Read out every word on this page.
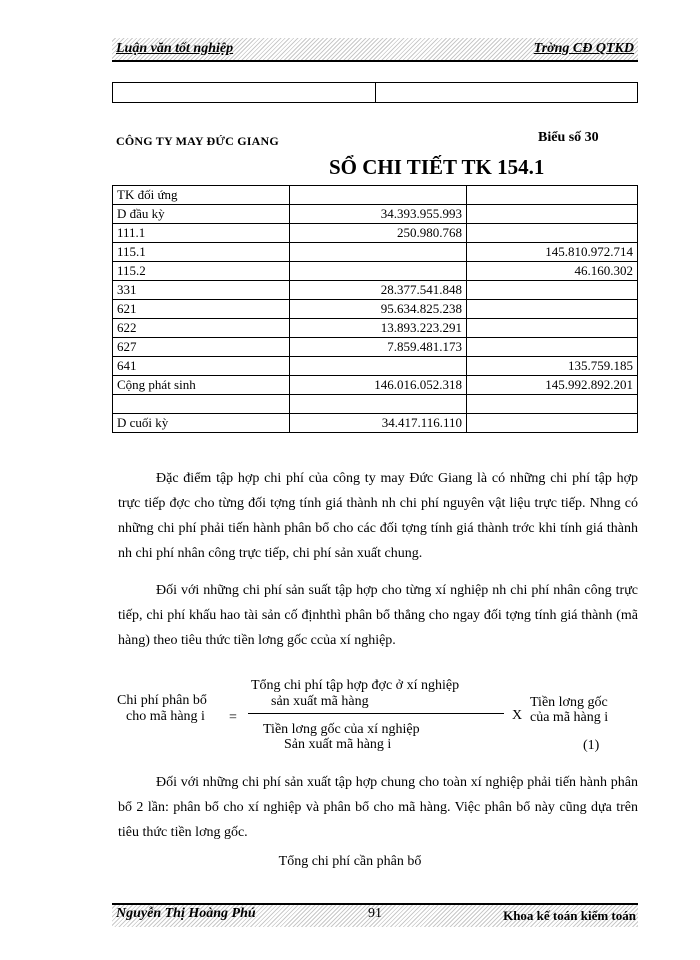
Luận văn tốt nghiệp	Trờng CĐ QTKD
CÔNG TY MAY ĐỨC GIANG	Biểu số 30
SỔ CHI TIẾT TK 154.1
TK đối ứng		
D đầu kỳ	34.393.955.993	
111.1	250.980.768	
115.1		145.810.972.714
115.2		46.160.302
331	28.377.541.848	
621	95.634.825.238	
622	13.893.223.291	
627	7.859.481.173	
641		135.759.185
Cộng phát sinh	146.016.052.318	145.992.892.201

D cuối kỳ	34.417.116.110	
Đặc điểm tập hợp chi phí của công ty may Đức Giang là có những chi phí tập hợp trực tiếp đợc cho từng đối tợng tính giá thành nh chi phí nguyên vật liệu trực tiếp. Nhng có những chi phí phải tiến hành phân bổ cho các đối tợng tính giá thành trớc khi tính giá thành nh chi phí nhân công trực tiếp, chi phí sản xuất chung.
Đối với những chi phí sản suất tập hợp cho từng xí nghiệp nh chi phí nhân công trực tiếp, chi phí khấu hao tài sản cố địnhthì phân bổ thẳng cho ngay đối tợng tính giá thành (mã hàng) theo tiêu thức tiền lơng gốc ccủa xí nghiệp.
Chi phí phân bổ
cho mã hàng i =
Tổng chi phí tập hợp đợc ở xí nghiệp
sản xuất mã hàng
Tiền lơng gốc của xí nghiệp
Sản xuất mã hàng i
X
Tiền lơng gốc
của mã hàng i
(1)
Đối với những chi phí sản xuất tập hợp chung cho toàn xí nghiệp phải tiến hành phân bổ 2 lần: phân bổ cho xí nghiệp và phân bổ cho mã hàng. Việc phân bổ này cũng dựa trên tiêu thức tiền lơng gốc.
Tổng chi phí cần phân bổ
Nguyễn Thị Hoàng Phú	91	Khoa kế toán kiểm toán
